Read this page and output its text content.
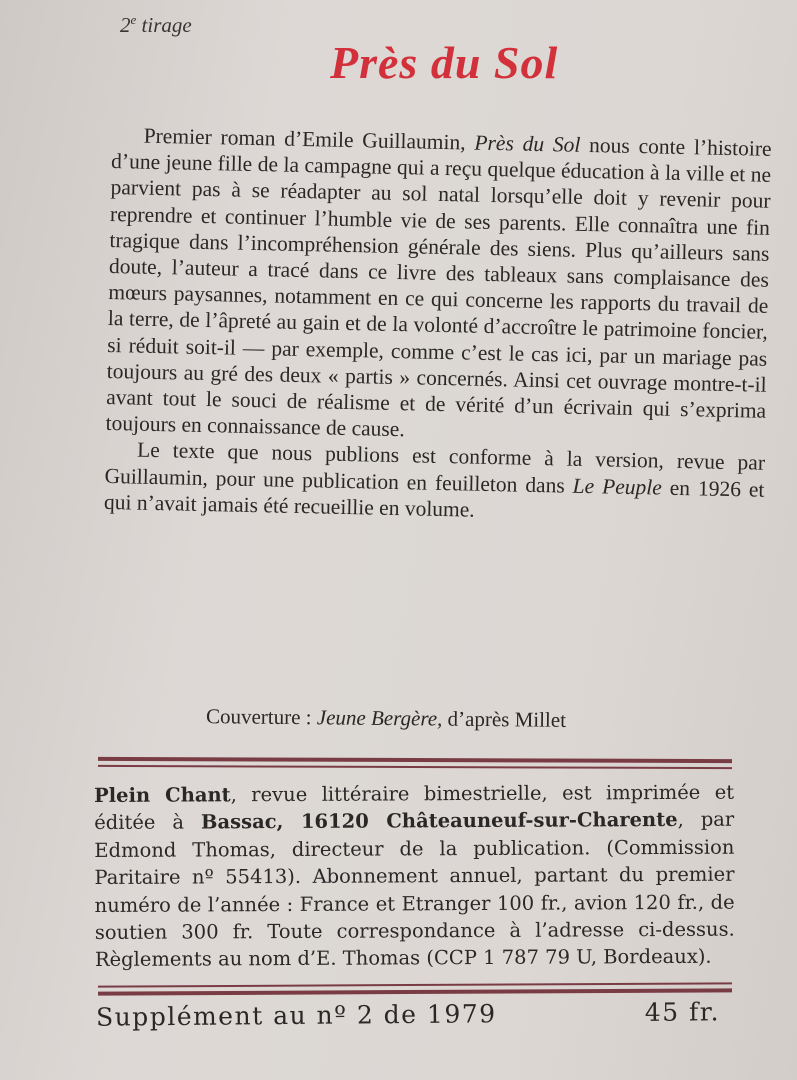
2e tirage
Près du Sol

Premier roman d’Emile Guillaumin, Près du Sol nous conte l’histoire d’une jeune fille de la campagne qui a reçu quelque éducation à la ville et ne parvient pas à se réadapter au sol natal lorsqu’elle doit y revenir pour reprendre et continuer l’humble vie de ses parents. Elle connaîtra une fin tragique dans l’incompréhension générale des siens. Plus qu’ailleurs sans doute, l’auteur a tracé dans ce livre des tableaux sans complaisance des mœurs paysannes, notamment en ce qui concerne les rapports du travail de la terre, de l’âpreté au gain et de la volonté d’accroître le patrimoine foncier, si réduit soit-il — par exemple, comme c’est le cas ici, par un mariage pas toujours au gré des deux « partis » concernés. Ainsi cet ouvrage montre-t-il avant tout le souci de réalisme et de vérité d’un écrivain qui s’exprima toujours en connaissance de cause.

Le texte que nous publions est conforme à la version, revue par Guillaumin, pour une publication en feuilleton dans Le Peuple en 1926 et qui n’avait jamais été recueillie en volume.

Couverture : Jeune Bergère, d’après Millet

Plein Chant, revue littéraire bimestrielle, est imprimée et éditée à Bassac, 16120 Châteauneuf-sur-Charente, par Edmond Thomas, directeur de la publication. (Commission Paritaire nº 55413). Abonnement annuel, partant du premier numéro de l’année : France et Etranger 100 fr., avion 120 fr., de soutien 300 fr. Toute correspondance à l’adresse ci-dessus. Règlements au nom d’E. Thomas (CCP 1 787 79 U, Bordeaux).

Supplément au nº 2 de 1979	45 fr.
